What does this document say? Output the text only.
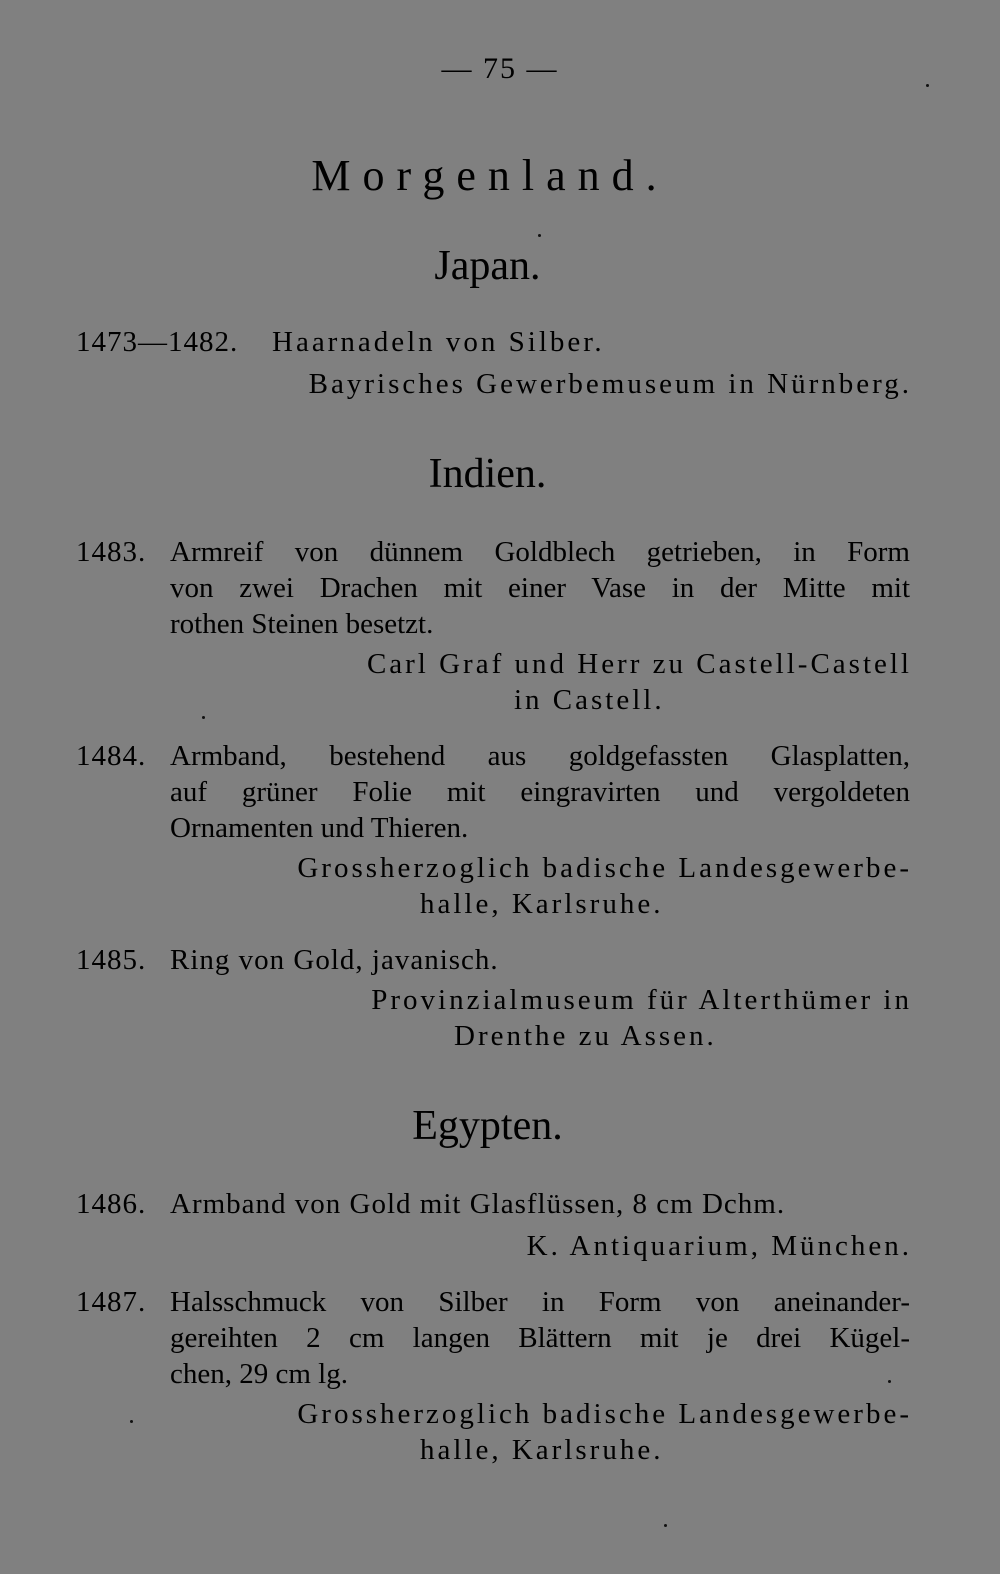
— 75 —
Morgenland.
Japan.
1473—1482. Haarnadeln von Silber.
Bayrisches Gewerbemuseum in Nürnberg.
Indien.
1483. Armreif von dünnem Goldblech getrieben, in Form
von zwei Drachen mit einer Vase in der Mitte mit
rothen Steinen besetzt.
Carl Graf und Herr zu Castell-Castell
in Castell.
1484. Armband, bestehend aus goldgefassten Glasplatten,
auf grüner Folie mit eingravirten und vergoldeten
Ornamenten und Thieren.
Grossherzoglich badische Landesgewerbe-
halle, Karlsruhe.
1485. Ring von Gold, javanisch.
Provinzialmuseum für Alterthümer in
Drenthe zu Assen.
Egypten.
1486. Armband von Gold mit Glasflüssen, 8 cm Dchm.
K. Antiquarium, München.
1487. Halsschmuck von Silber in Form von aneinander-
gereihten 2 cm langen Blättern mit je drei Kügel-
chen, 29 cm lg.
Grossherzoglich badische Landesgewerbe-
halle, Karlsruhe.
